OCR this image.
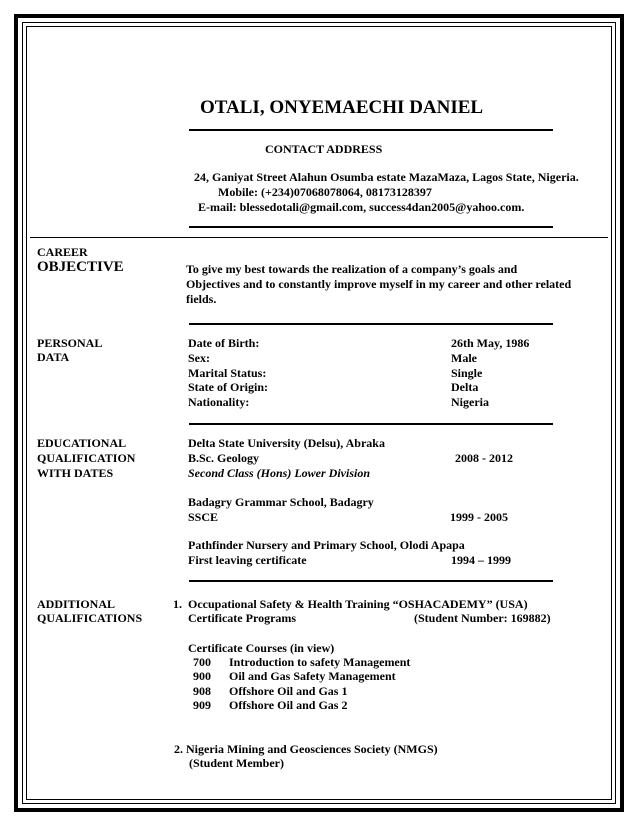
OTALI, ONYEMAECHI DANIEL
CONTACT ADDRESS
24, Ganiyat Street Alahun Osumba estate MazaMaza, Lagos State, Nigeria.
Mobile: (+234)07068078064, 08173128397
E-mail: blessedotali@gmail.com, success4dan2005@yahoo.com.
CAREER
OBJECTIVE	To give my best towards the realization of a company’s goals and
Objectives and to constantly improve myself in my career and other related
fields.
PERSONAL
DATA
Date of Birth:	26th May, 1986
Sex:	Male
Marital Status:	Single
State of Origin:	Delta
Nationality:	Nigeria
EDUCATIONAL
QUALIFICATION
WITH DATES
Delta State University (Delsu), Abraka
B.Sc. Geology	2008 - 2012
Second Class (Hons) Lower Division
Badagry Grammar School, Badagry
SSCE	1999 - 2005
Pathfinder Nursery and Primary School, Olodi Apapa
First leaving certificate	1994 – 1999
ADDITIONAL
QUALIFICATIONS
1. Occupational Safety & Health Training “OSHACADEMY” (USA)
Certificate Programs	(Student Number: 169882)
Certificate Courses (in view)
700 Introduction to safety Management
900 Oil and Gas Safety Management
908 Offshore Oil and Gas 1
909 Offshore Oil and Gas 2
2. Nigeria Mining and Geosciences Society (NMGS)
(Student Member)
